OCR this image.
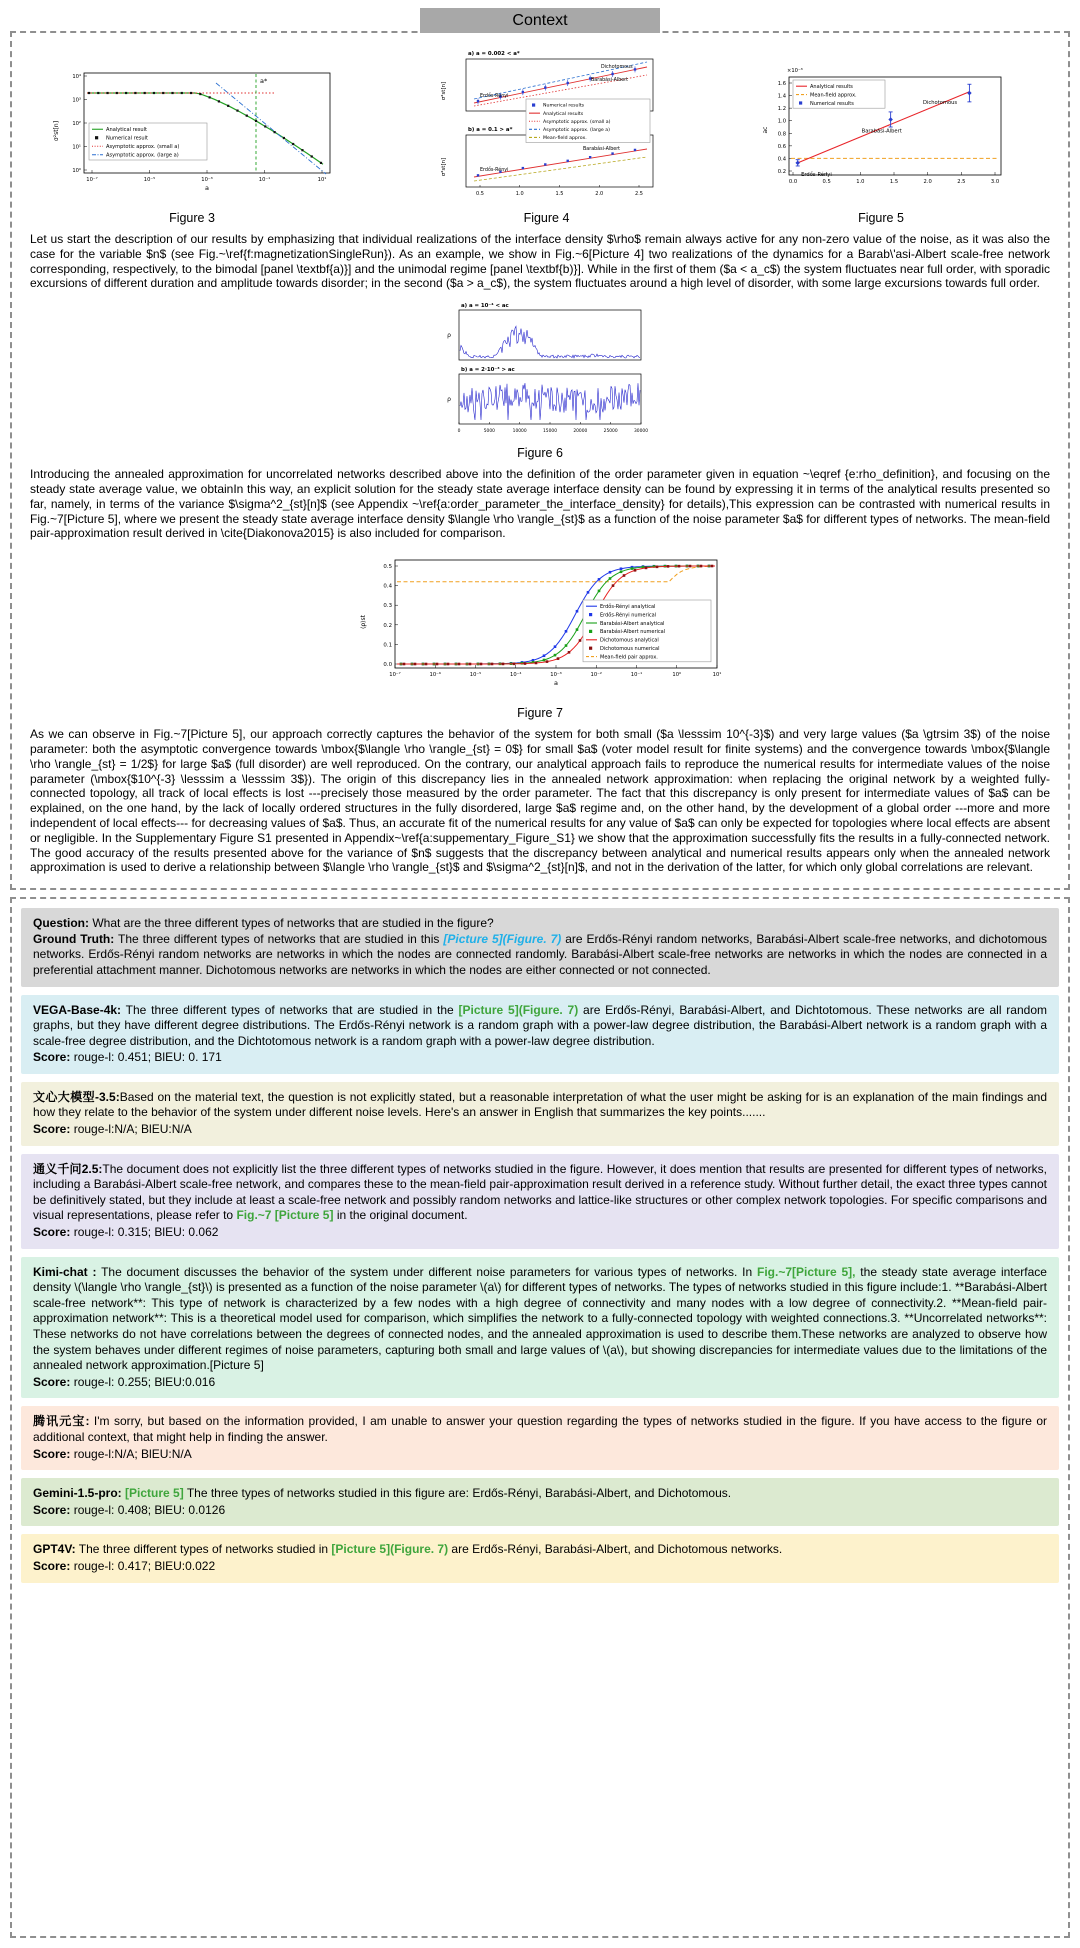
Context
10⁴
10³
10²
10¹
10⁰
10⁻⁷	10⁻⁵	10⁻³	10⁻¹	10¹
a
σ²st[n]
a*
Analytical result
Numerical result
Asymptotic approx. (small a)
Asymptotic approx. (large a)
Figure 3
a) a = 0.002 < a*
b) a = 0.1 > a*
σ²st[n]
σ²st[n]
0.5	1.0	1.5	2.0	2.5
Erdős-Rényi
Dichotomous
Barabási-Albert
Erdős-Rényi
Barabási-Albert
Numerical results
Analytical results
Asymptotic approx. (small a)
Asymptotic approx. (large a)
Mean-field approx.
Figure 4
×10⁻³
0.2
0.4
0.6
0.8
1.0
1.2
1.4
1.6
0.0	0.5	1.0	1.5	2.0	2.5	3.0
ac
Erdős-Rényi
Barabási-Albert
Dichotomous
Analytical results
Mean-field approx.
Numerical results
Figure 5

Let us start the description of our results by emphasizing that individual realizations of the interface density $\rho$ remain always active for any non-zero value of the noise, as it was also the case for the variable $n$ (see Fig.~\ref{f:magnetizationSingleRun}). As an example, we show in Fig.~6[Picture 4] two realizations of the dynamics for a Barab\'asi-Albert scale-free network corresponding, respectively, to the bimodal [panel \textbf{a)}] and the unimodal regime [panel \textbf{b)}]. While in the first of them ($a < a_c$) the system fluctuates near full order, with sporadic excursions of different duration and amplitude towards disorder; in the second ($a > a_c$), the system fluctuates around a high level of disorder, with some large excursions towards full order.

a) a = 10⁻⁴ < ac
b) a = 2·10⁻³ > ac
ρ
ρ
0	5000	10000	15000	20000	25000	30000
Figure 6

Introducing the annealed approximation for uncorrelated networks described above into the definition of the order parameter given in equation ~\eqref {e:rho_definition}, and focusing on the steady state average value, we obtainIn this way, an explicit solution for the steady state average interface density can be found by expressing it in terms of the analytical results presented so far, namely, in terms of the variance $\sigma^2_{st}[n]$ (see Appendix ~\ref{a:order_parameter_the_interface_density} for details),This expression can be contrasted with numerical results in Fig.~7[Picture 5], where we present the steady state average interface density $\langle \rho \rangle_{st}$ as a function of the noise parameter $a$ for different types of networks. The mean-field pair-approximation result derived in \cite{Diakonova2015} is also included for comparison.

0.0
0.1
0.2
0.3
0.4
0.5
10⁻⁷	10⁻⁶	10⁻⁵	10⁻⁴	10⁻³	10⁻²	10⁻¹	10⁰	10¹
a
⟨ρ⟩st
Erdős-Rényi analytical
Erdős-Rényi numerical
Barabási-Albert analytical
Barabási-Albert numerical
Dichotomous analytical
Dichotomous numerical
Mean-field pair approx.
Figure 7

As we can observe in Fig.~7[Picture 5], our approach correctly captures the behavior of the system for both small ($a \lesssim 10^{-3}$) and very large values ($a \gtrsim 3$) of the noise parameter: both the asymptotic convergence towards \mbox{$\langle \rho \rangle_{st} = 0$} for small $a$ (voter model result for finite systems) and the convergence towards \mbox{$\langle \rho \rangle_{st} = 1/2$} for large $a$ (full disorder) are well reproduced. On the contrary, our analytical approach fails to reproduce the numerical results for intermediate values of the noise parameter (\mbox{$10^{-3} \lesssim a \lesssim 3$}). The origin of this discrepancy lies in the annealed network approximation: when replacing the original network by a weighted fully-connected topology, all track of local effects is lost ---precisely those measured by the order parameter. The fact that this discrepancy is only present for intermediate values of $a$ can be explained, on the one hand, by the lack of locally ordered structures in the fully disordered, large $a$ regime and, on the other hand, by the development of a global order ---more and more independent of local effects--- for decreasing values of $a$. Thus, an accurate fit of the numerical results for any value of $a$ can only be expected for topologies where local effects are absent or negligible. In the Supplementary Figure S1 presented in Appendix~\ref{a:suppementary_Figure_S1} we show that the approximation successfully fits the results in a fully-connected network. The good accuracy of the results presented above for the variance of $n$ suggests that the discrepancy between analytical and numerical results appears only when the annealed network approximation is used to derive a relationship between $\langle \rho \rangle_{st}$ and $\sigma^2_{st}[n]$, and not in the derivation of the latter, for which only global correlations are relevant.

Question: What are the three different types of networks that are studied in the figure?

Ground Truth: The three different types of networks that are studied in this [Picture 5](Figure. 7) are Erdős-Rényi random networks, Barabási-Albert scale-free networks, and dichotomous networks. Erdős-Rényi random networks are networks in which the nodes are connected randomly. Barabási-Albert scale-free networks are networks in which the nodes are connected in a preferential attachment manner. Dichotomous networks are networks in which the nodes are either connected or not connected.

VEGA-Base-4k: The three different types of networks that are studied in the [Picture 5](Figure. 7) are Erdős-Rényi, Barabási-Albert, and Dichtotomous. These networks are all random graphs, but they have different degree distributions. The Erdős-Rényi network is a random graph with a power-law degree distribution, the Barabási-Albert network is a random graph with a scale-free degree distribution, and the Dichtotomous network is a random graph with a power-law degree distribution.

Score: rouge-l: 0.451; BlEU: 0. 171

文心大模型-3.5:Based on the material text, the question is not explicitly stated, but a reasonable interpretation of what the user might be asking for is an explanation of the main findings and how they relate to the behavior of the system under different noise levels. Here's an answer in English that summarizes the key points.......

Score: rouge-l:N/A; BlEU:N/A

通义千问2.5:The document does not explicitly list the three different types of networks studied in the figure. However, it does mention that results are presented for different types of networks, including a Barabási-Albert scale-free network, and compares these to the mean-field pair-approximation result derived in a reference study. Without further detail, the exact three types cannot be definitively stated, but they include at least a scale-free network and possibly random networks and lattice-like structures or other complex network topologies. For specific comparisons and visual representations, please refer to Fig.~7 [Picture 5] in the original document.

Score: rouge-l: 0.315; BlEU: 0.062

Kimi-chat : The document discusses the behavior of the system under different noise parameters for various types of networks. In Fig.~7[Picture 5], the steady state average interface density \(\langle \rho \rangle_{st}\) is presented as a function of the noise parameter \(a\) for different types of networks. The types of networks studied in this figure include:1. **Barabási-Albert scale-free network**: This type of network is characterized by a few nodes with a high degree of connectivity and many nodes with a low degree of connectivity.2. **Mean-field pair-approximation network**: This is a theoretical model used for comparison, which simplifies the network to a fully-connected topology with weighted connections.3. **Uncorrelated networks**: These networks do not have correlations between the degrees of connected nodes, and the annealed approximation is used to describe them.These networks are analyzed to observe how the system behaves under different regimes of noise parameters, capturing both small and large values of \(a\), but showing discrepancies for intermediate values due to the limitations of the annealed network approximation.[Picture 5]

Score: rouge-l: 0.255; BlEU:0.016

腾讯元宝: I'm sorry, but based on the information provided, I am unable to answer your question regarding the types of networks studied in the figure. If you have access to the figure or additional context, that might help in finding the answer.

Score: rouge-l:N/A; BlEU:N/A

Gemini-1.5-pro: [Picture 5] The three types of networks studied in this figure are: Erdős-Rényi, Barabási-Albert, and Dichotomous.

Score: rouge-l: 0.408; BlEU: 0.0126

GPT4V: The three different types of networks studied in [Picture 5](Figure. 7) are Erdős-Rényi, Barabási-Albert, and Dichotomous networks.

Score: rouge-l: 0.417; BlEU:0.022
